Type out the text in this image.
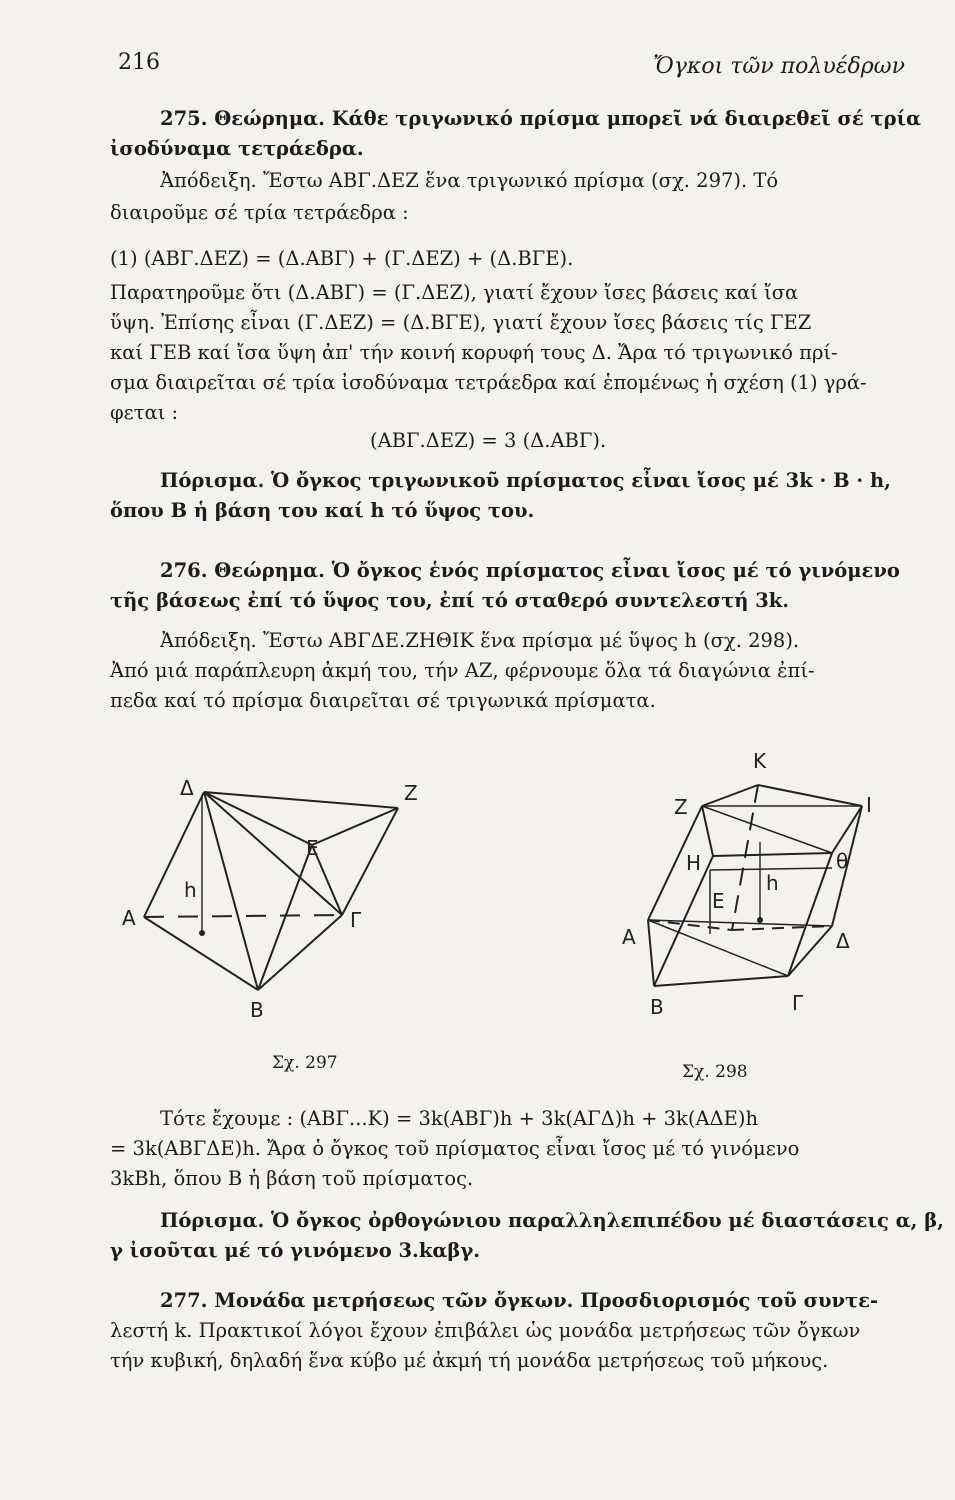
216	Ὄγκοι τῶν πολυέδρων
275. Θεώρημα. Κάθε τριγωνικό πρίσμα μπορεῖ νά διαιρεθεῖ σέ τρία
ἰσοδύναμα τετράεδρα.
Ἀπόδειξη. Ἔστω ΑΒΓ.ΔΕΖ ἕνα τριγωνικό πρίσμα (σχ. 297). Τό
διαιροῦμε σέ τρία τετράεδρα :
(1) (ΑΒΓ.ΔΕΖ) = (Δ.ΑΒΓ) + (Γ.ΔΕΖ) + (Δ.ΒΓΕ).
Παρατηροῦμε ὅτι (Δ.ΑΒΓ) = (Γ.ΔΕΖ), γιατί ἔχουν ἴσες βάσεις καί ἴσα
ὕψη. Ἐπίσης εἶναι (Γ.ΔΕΖ) = (Δ.ΒΓΕ), γιατί ἔχουν ἴσες βάσεις τίς ΓΕΖ
καί ΓΕΒ καί ἴσα ὕψη ἀπ' τήν κοινή κορυφή τους Δ. Ἄρα τό τριγωνικό πρί-
σμα διαιρεῖται σέ τρία ἰσοδύναμα τετράεδρα καί ἑπομένως ἡ σχέση (1) γρά-
φεται :
(ΑΒΓ.ΔΕΖ) = 3 (Δ.ΑΒΓ).
Πόρισμα. Ὁ ὄγκος τριγωνικοῦ πρίσματος εἶναι ἴσος μέ 3k · B · h,
ὅπου B ἡ βάση του καί h τό ὕψος του.
276. Θεώρημα. Ὁ ὄγκος ἑνός πρίσματος εἶναι ἴσος μέ τό γινόμενο
τῆς βάσεως ἐπί τό ὕψος του, ἐπί τό σταθερό συντελεστή 3k.
Ἀπόδειξη. Ἔστω ΑΒΓΔΕ.ΖΗΘΙΚ ἕνα πρίσμα μέ ὕψος h (σχ. 298).
Ἀπό μιά παράπλευρη ἀκμή του, τήν ΑΖ, φέρνουμε ὅλα τά διαγώνια ἐπί-
πεδα καί τό πρίσμα διαιρεῖται σέ τριγωνικά πρίσματα.
Δ	Z
E
h
A	Γ
B
Σχ. 297
K
Z	I
H	θ
E
h
A	Δ
B	Γ
Σχ. 298
Τότε ἔχουμε : (ΑΒΓ...Κ) = 3k(ΑΒΓ)h + 3k(ΑΓΔ)h + 3k(ΑΔΕ)h
= 3k(ΑΒΓΔΕ)h. Ἄρα ὁ ὄγκος τοῦ πρίσματος εἶναι ἴσος μέ τό γινόμενο
3kBh, ὅπου B ἡ βάση τοῦ πρίσματος.
Πόρισμα. Ὁ ὄγκος ὀρθογώνιου παραλληλεπιπέδου μέ διαστάσεις α, β,
γ ἰσοῦται μέ τό γινόμενο 3.kαβγ.
277. Μονάδα μετρήσεως τῶν ὄγκων. Προσδιορισμός τοῦ συντε-
λεστή k. Πρακτικοί λόγοι ἔχουν ἐπιβάλει ὡς μονάδα μετρήσεως τῶν ὄγκων
τήν κυβική, δηλαδή ἕνα κύβο μέ ἀκμή τή μονάδα μετρήσεως τοῦ μήκους.
